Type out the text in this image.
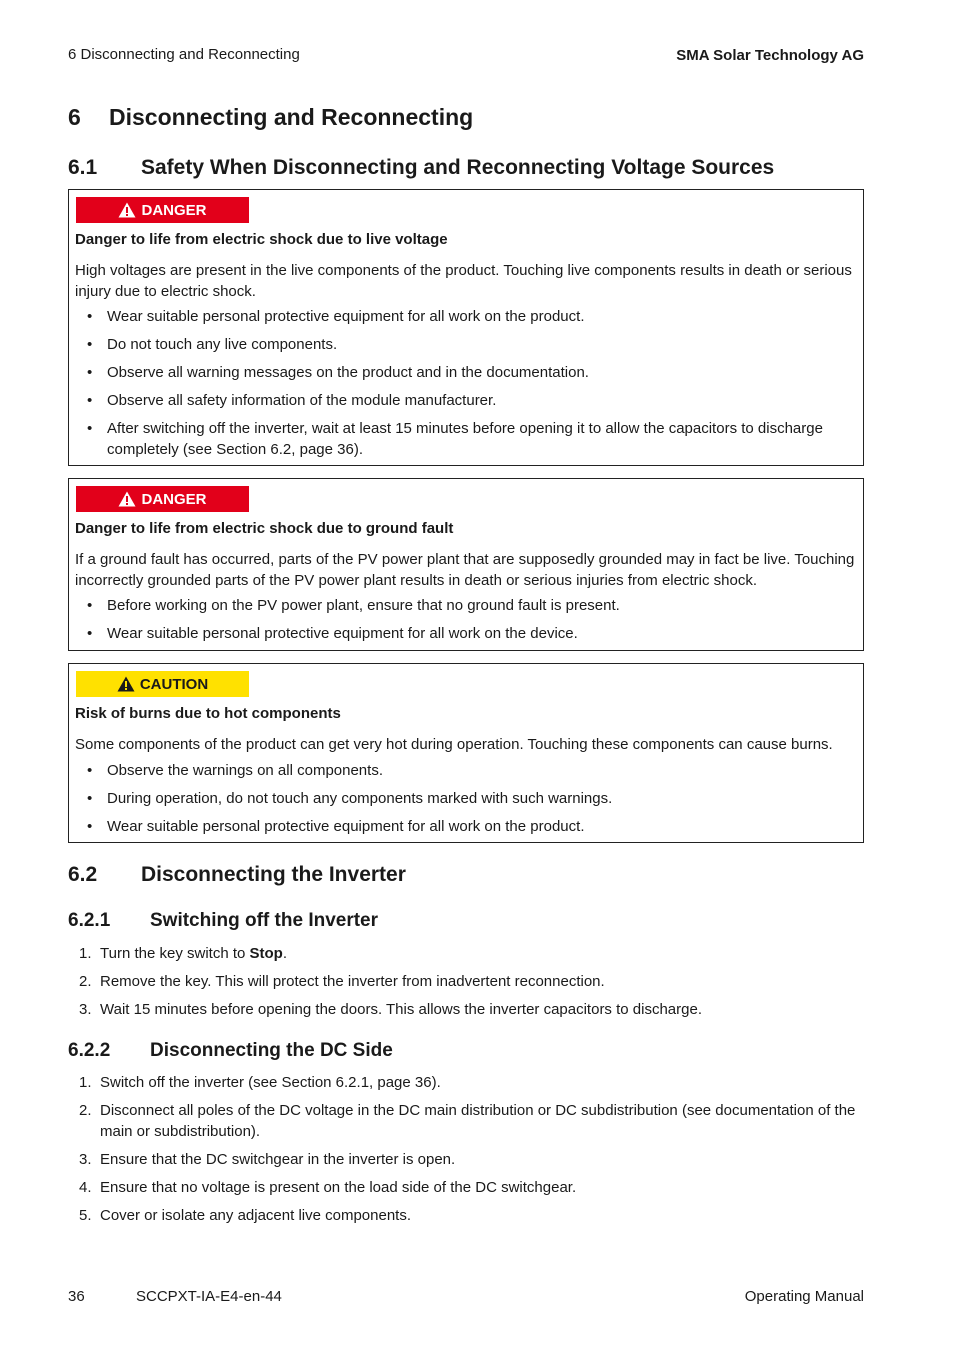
6 Disconnecting and Reconnecting	SMA Solar Technology AG
6 Disconnecting and Reconnecting
6.1 Safety When Disconnecting and Reconnecting Voltage Sources
DANGER
Danger to life from electric shock due to live voltage
High voltages are present in the live components of the product. Touching live components results in death or serious injury due to electric shock.
• Wear suitable personal protective equipment for all work on the product.
• Do not touch any live components.
• Observe all warning messages on the product and in the documentation.
• Observe all safety information of the module manufacturer.
• After switching off the inverter, wait at least 15 minutes before opening it to allow the capacitors to discharge completely (see Section 6.2, page 36).
DANGER
Danger to life from electric shock due to ground fault
If a ground fault has occurred, parts of the PV power plant that are supposedly grounded may in fact be live. Touching incorrectly grounded parts of the PV power plant results in death or serious injuries from electric shock.
• Before working on the PV power plant, ensure that no ground fault is present.
• Wear suitable personal protective equipment for all work on the device.
CAUTION
Risk of burns due to hot components
Some components of the product can get very hot during operation. Touching these components can cause burns.
• Observe the warnings on all components.
• During operation, do not touch any components marked with such warnings.
• Wear suitable personal protective equipment for all work on the product.
6.2 Disconnecting the Inverter
6.2.1 Switching off the Inverter
1. Turn the key switch to Stop.
2. Remove the key. This will protect the inverter from inadvertent reconnection.
3. Wait 15 minutes before opening the doors. This allows the inverter capacitors to discharge.
6.2.2 Disconnecting the DC Side
1. Switch off the inverter (see Section 6.2.1, page 36).
2. Disconnect all poles of the DC voltage in the DC main distribution or DC subdistribution (see documentation of the main or subdistribution).
3. Ensure that the DC switchgear in the inverter is open.
4. Ensure that no voltage is present on the load side of the DC switchgear.
5. Cover or isolate any adjacent live components.
36	SCCPXT-IA-E4-en-44	Operating Manual
